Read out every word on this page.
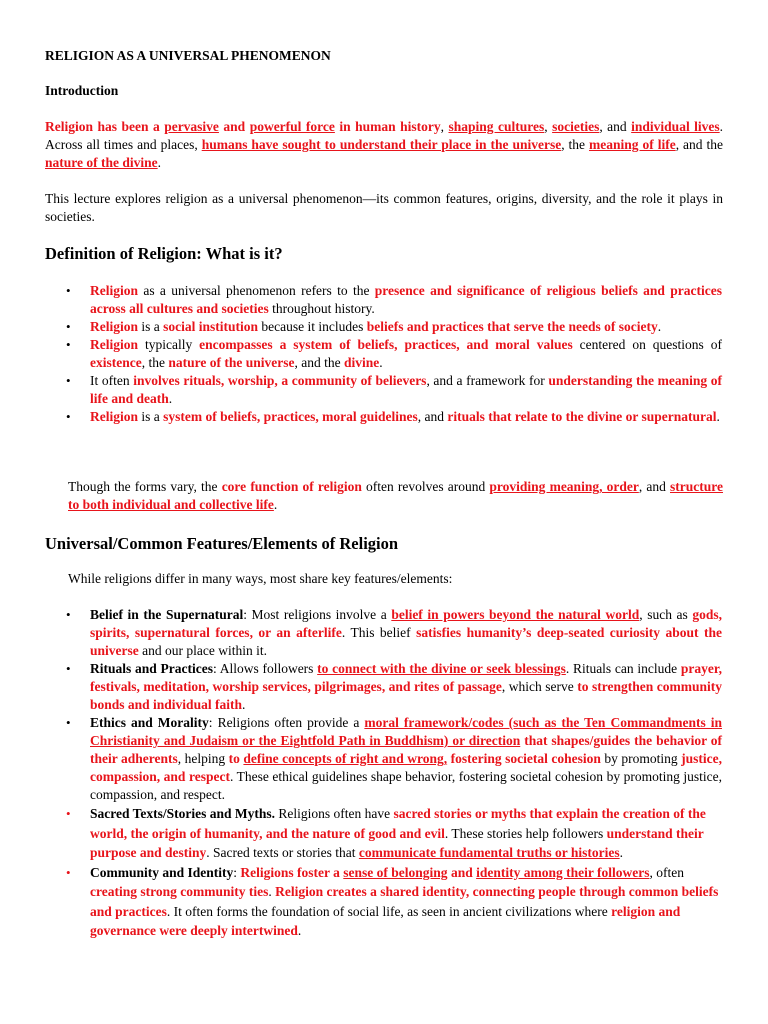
RELIGION AS A UNIVERSAL PHENOMENON

Introduction

Religion has been a pervasive and powerful force in human history, shaping cultures, societies, and individual lives. Across all times and places, humans have sought to understand their place in the universe, the meaning of life, and the nature of the divine.

This lecture explores religion as a universal phenomenon—its common features, origins, diversity, and the role it plays in societies.

Definition of Religion: What is it?
• Religion as a universal phenomenon refers to the presence and significance of religious beliefs and practices across all cultures and societies throughout history.
• Religion is a social institution because it includes beliefs and practices that serve the needs of society.
• Religion typically encompasses a system of beliefs, practices, and moral values centered on questions of existence, the nature of the universe, and the divine.
• It often involves rituals, worship, a community of believers, and a framework for understanding the meaning of life and death.
• Religion is a system of beliefs, practices, moral guidelines, and rituals that relate to the divine or supernatural.

Though the forms vary, the core function of religion often revolves around providing meaning, order, and structure to both individual and collective life.

Universal/Common Features/Elements of Religion

While religions differ in many ways, most share key features/elements:

• Belief in the Supernatural: Most religions involve a belief in powers beyond the natural world, such as gods, spirits, supernatural forces, or an afterlife. This belief satisfies humanity’s deep-seated curiosity about the universe and our place within it.
• Rituals and Practices: Allows followers to connect with the divine or seek blessings. Rituals can include prayer, festivals, meditation, worship services, pilgrimages, and rites of passage, which serve to strengthen community bonds and individual faith.
• Ethics and Morality: Religions often provide a moral framework/codes (such as the Ten Commandments in Christianity and Judaism or the Eightfold Path in Buddhism) or direction that shapes/guides the behavior of their adherents, helping to define concepts of right and wrong, fostering societal cohesion by promoting justice, compassion, and respect. These ethical guidelines shape behavior, fostering societal cohesion by promoting justice, compassion, and respect.
• Sacred Texts/Stories and Myths. Religions often have sacred stories or myths that explain the creation of the world, the origin of humanity, and the nature of good and evil. These stories help followers understand their purpose and destiny. Sacred texts or stories that communicate fundamental truths or histories.
• Community and Identity: Religions foster a sense of belonging and identity among their followers, often creating strong community ties. Religion creates a shared identity, connecting people through common beliefs and practices. It often forms the foundation of social life, as seen in ancient civilizations where religion and governance were deeply intertwined.
